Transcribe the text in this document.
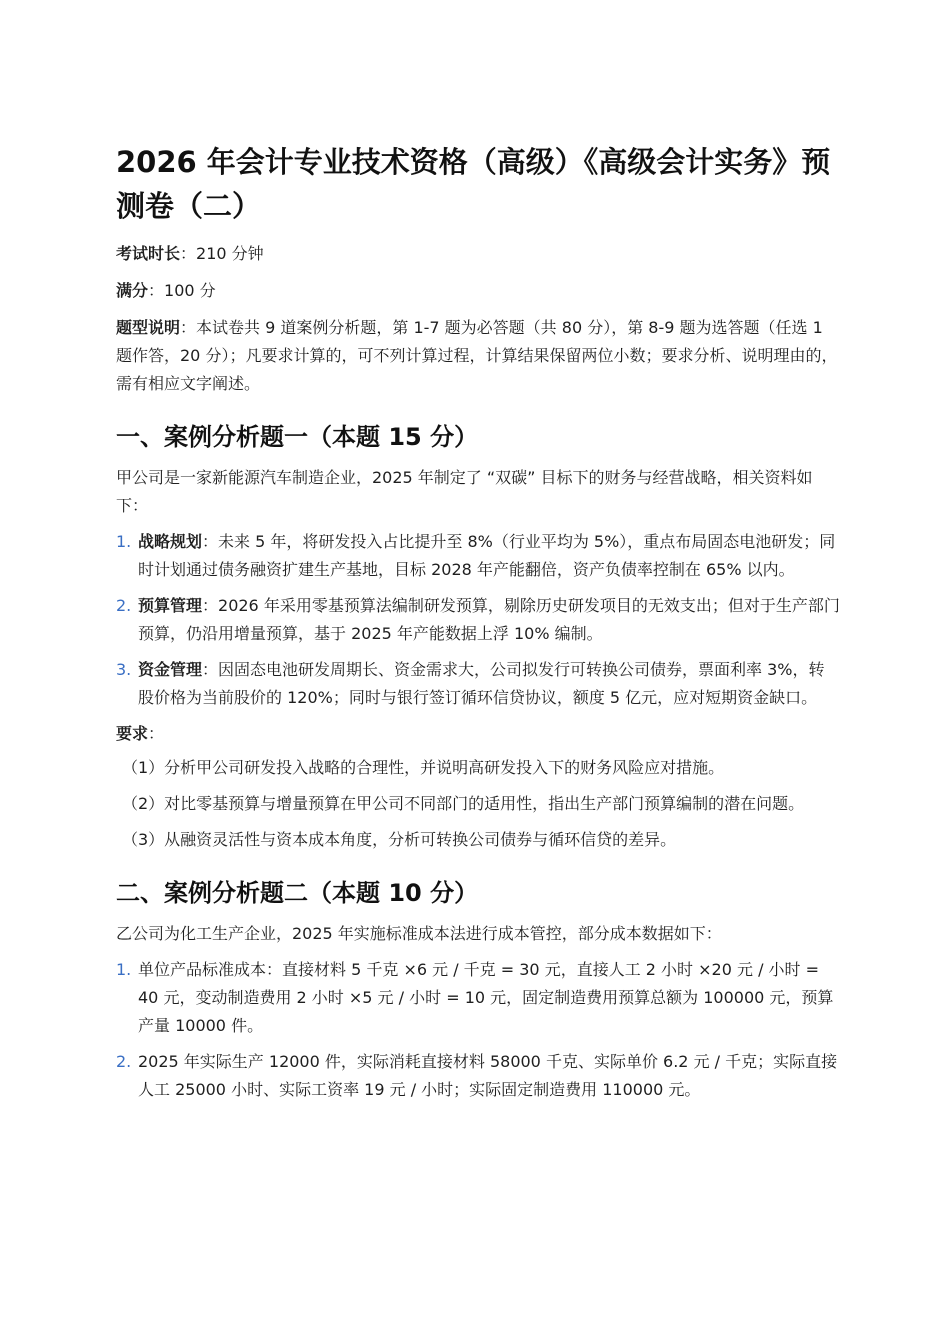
2026 年会计专业技术资格（高级）《高级会计实务》预测卷（二）
考试时长：210 分钟
满分：100 分
题型说明：本试卷共 9 道案例分析题，第 1-7 题为必答题（共 80 分），第 8-9 题为选答题（任选 1 题作答，20 分）；凡要求计算的，可不列计算过程，计算结果保留两位小数；要求分析、说明理由的，需有相应文字阐述。
一、案例分析题一（本题 15 分）

甲公司是一家新能源汽车制造企业，2025 年制定了 “双碳” 目标下的财务与经营战略，相关资料如下：

1. 战略规划：未来 5 年，将研发投入占比提升至 8%（行业平均为 5%），重点布局固态电池研发；同时计划通过债务融资扩建生产基地，目标 2028 年产能翻倍，资产负债率控制在 65% 以内。
2. 预算管理：2026 年采用零基预算法编制研发预算，剔除历史研发项目的无效支出；但对于生产部门预算，仍沿用增量预算，基于 2025 年产能数据上浮 10% 编制。
3. 资金管理：因固态电池研发周期长、资金需求大，公司拟发行可转换公司债券，票面利率 3%，转股价格为当前股价的 120%；同时与银行签订循环信贷协议，额度 5 亿元，应对短期资金缺口。
要求：

（1）分析甲公司研发投入战略的合理性，并说明高研发投入下的财务风险应对措施。

（2）对比零基预算与增量预算在甲公司不同部门的适用性，指出生产部门预算编制的潜在问题。

（3）从融资灵活性与资本成本角度，分析可转换公司债券与循环信贷的差异。

二、案例分析题二（本题 10 分）

乙公司为化工生产企业，2025 年实施标准成本法进行成本管控，部分成本数据如下：

1. 单位产品标准成本：直接材料 5 千克 ×6 元 / 千克 = 30 元，直接人工 2 小时 ×20 元 / 小时 = 40 元，变动制造费用 2 小时 ×5 元 / 小时 = 10 元，固定制造费用预算总额为 100000 元，预算产量 10000 件。
2. 2025 年实际生产 12000 件，实际消耗直接材料 58000 千克、实际单价 6.2 元 / 千克；实际直接人工 25000 小时、实际工资率 19 元 / 小时；实际固定制造费用 110000 元。
